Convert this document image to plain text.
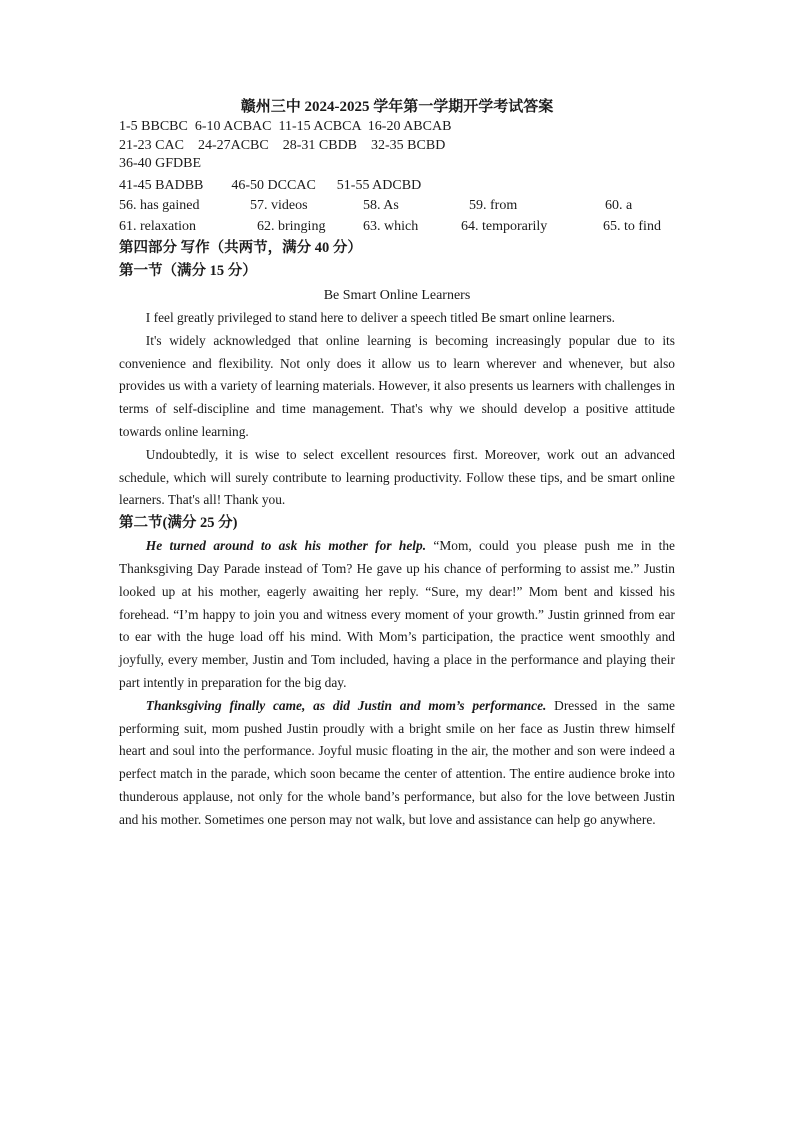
赣州三中 2024-2025 学年第一学期开学考试答案
1-5 BBCBC  6-10 ACBAC  11-15 ACBCA  16-20 ABCAB
21-23 CAC    24-27ACBC    28-31 CBDB    32-35 BCBD
36-40 GFDBE
41-45 BADBB        46-50 DCCAC      51-55 ADCBD
56. has gained	57. videos	58. As	59. from	60. a
61. relaxation	62. bringing	63. which	64. temporarily	65. to find
第四部分 写作（共两节，满分 40 分）
第一节（满分 15 分）
Be Smart Online Learners

I feel greatly privileged to stand here to deliver a speech titled Be smart online learners.

It's widely acknowledged that online learning is becoming increasingly popular due to its convenience and flexibility. Not only does it allow us to learn wherever and whenever, but also provides us with a variety of learning materials. However, it also presents us learners with challenges in terms of self-discipline and time management. That's why we should develop a positive attitude towards online learning.

Undoubtedly, it is wise to select excellent resources first. Moreover, work out an advanced schedule, which will surely contribute to learning productivity. Follow these tips, and be smart online learners. That's all! Thank you.

第二节(满分 25 分)

He turned around to ask his mother for help. “Mom, could you please push me in the Thanksgiving Day Parade instead of Tom? He gave up his chance of performing to assist me.” Justin looked up at his mother, eagerly awaiting her reply. “Sure, my dear!” Mom bent and kissed his forehead. “I’m happy to join you and witness every moment of your growth.” Justin grinned from ear to ear with the huge load off his mind. With Mom’s participation, the practice went smoothly and joyfully, every member, Justin and Tom included, having a place in the performance and playing their part intently in preparation for the big day.

Thanksgiving finally came, as did Justin and mom’s performance. Dressed in the same performing suit, mom pushed Justin proudly with a bright smile on her face as Justin threw himself heart and soul into the performance. Joyful music floating in the air, the mother and son were indeed a perfect match in the parade, which soon became the center of attention. The entire audience broke into thunderous applause, not only for the whole band’s performance, but also for the love between Justin and his mother. Sometimes one person may not walk, but love and assistance can help go anywhere.
